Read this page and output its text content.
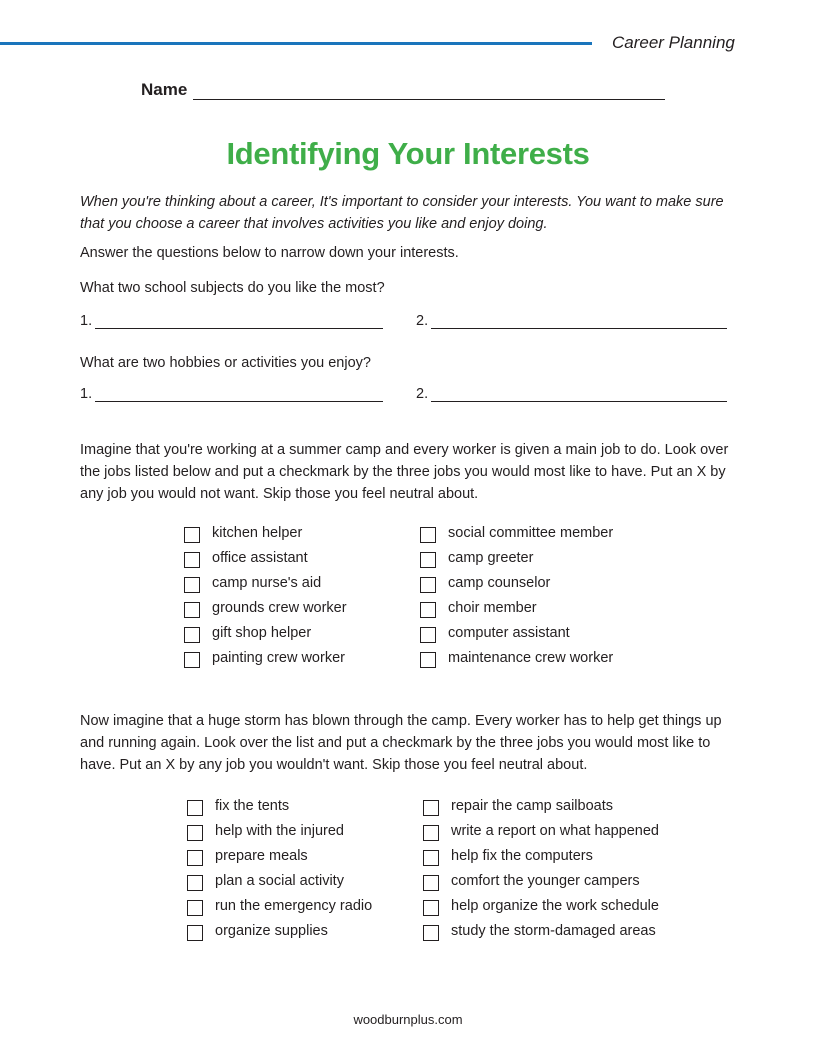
Career Planning
Name
Identifying Your Interests
When you're thinking about a career, It's important to consider your interests. You want to make sure that you choose a career that involves activities you like and enjoy doing.
Answer the questions below to narrow down your interests.
What two school subjects do you like the most?
1.	2.
What are two hobbies or activities you enjoy?
1.	2.
Imagine that you're working at a summer camp and every worker is given a main job to do. Look over the jobs listed below and put a checkmark by the three jobs you would most like to have. Put an X by any job you would not want. Skip those you feel neutral about.
kitchen helper
office assistant
camp nurse's aid
grounds crew worker
gift shop helper
painting crew worker
social committee member
camp greeter
camp counselor
choir member
computer assistant
maintenance crew worker
Now imagine that a huge storm has blown through the camp. Every worker has to help get things up and running again. Look over the list and put a checkmark by the three jobs you would most like to have. Put an X by any job you wouldn't want. Skip those you feel neutral about.
fix the tents
help with the injured
prepare meals
plan a social activity
run the emergency radio
organize supplies
repair the camp sailboats
write a report on what happened
help fix the computers
comfort the younger campers
help organize the work schedule
study the storm-damaged areas
woodburnplus.com
